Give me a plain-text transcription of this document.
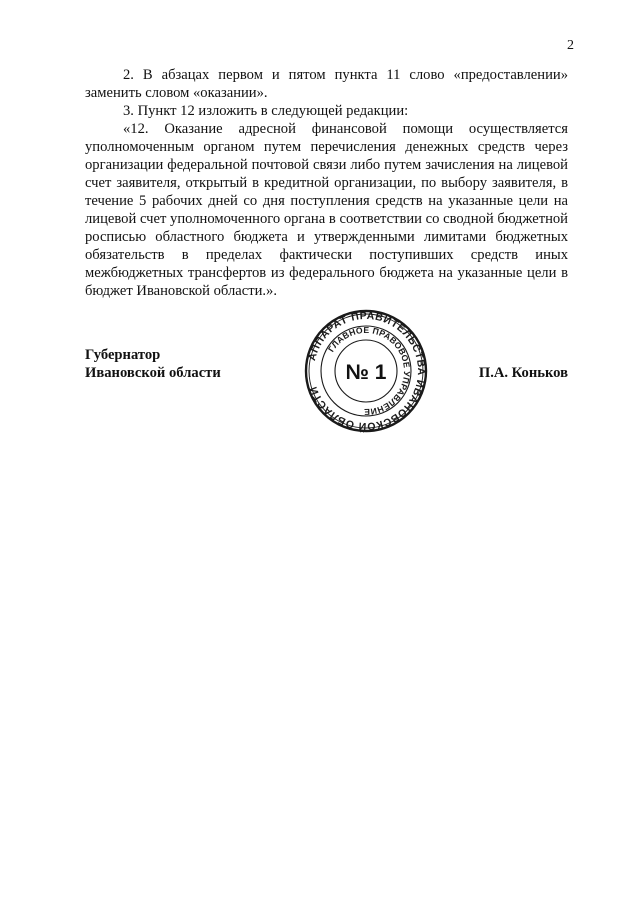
2

2. В абзацах первом и пятом пункта 11 слово «предоставлении» заменить словом «оказании».

3. Пункт 12 изложить в следующей редакции:

«12. Оказание адресной финансовой помощи осуществляется уполномоченным органом путем перечисления денежных средств через организации федеральной почтовой связи либо путем зачисления на лицевой счет заявителя, открытый в кредитной организации, по выбору заявителя, в течение 5 рабочих дней со дня поступления средств на указанные цели на лицевой счет уполномоченного органа в соответствии со сводной бюджетной росписью областного бюджета и утвержденными лимитами бюджетных обязательств в пределах фактически поступивших средств иных межбюджетных трансфертов из федерального бюджета на указанные цели в бюджет Ивановской области.».

Губернатор
Ивановской области
АППАРАТ ПРАВИТЕЛЬСТВА ИВАНОВСКОЙ ОБЛАСТИ
ГЛАВНОЕ ПРАВОВОЕ УПРАВЛЕНИЕ
№ 1	П.А. Коньков
